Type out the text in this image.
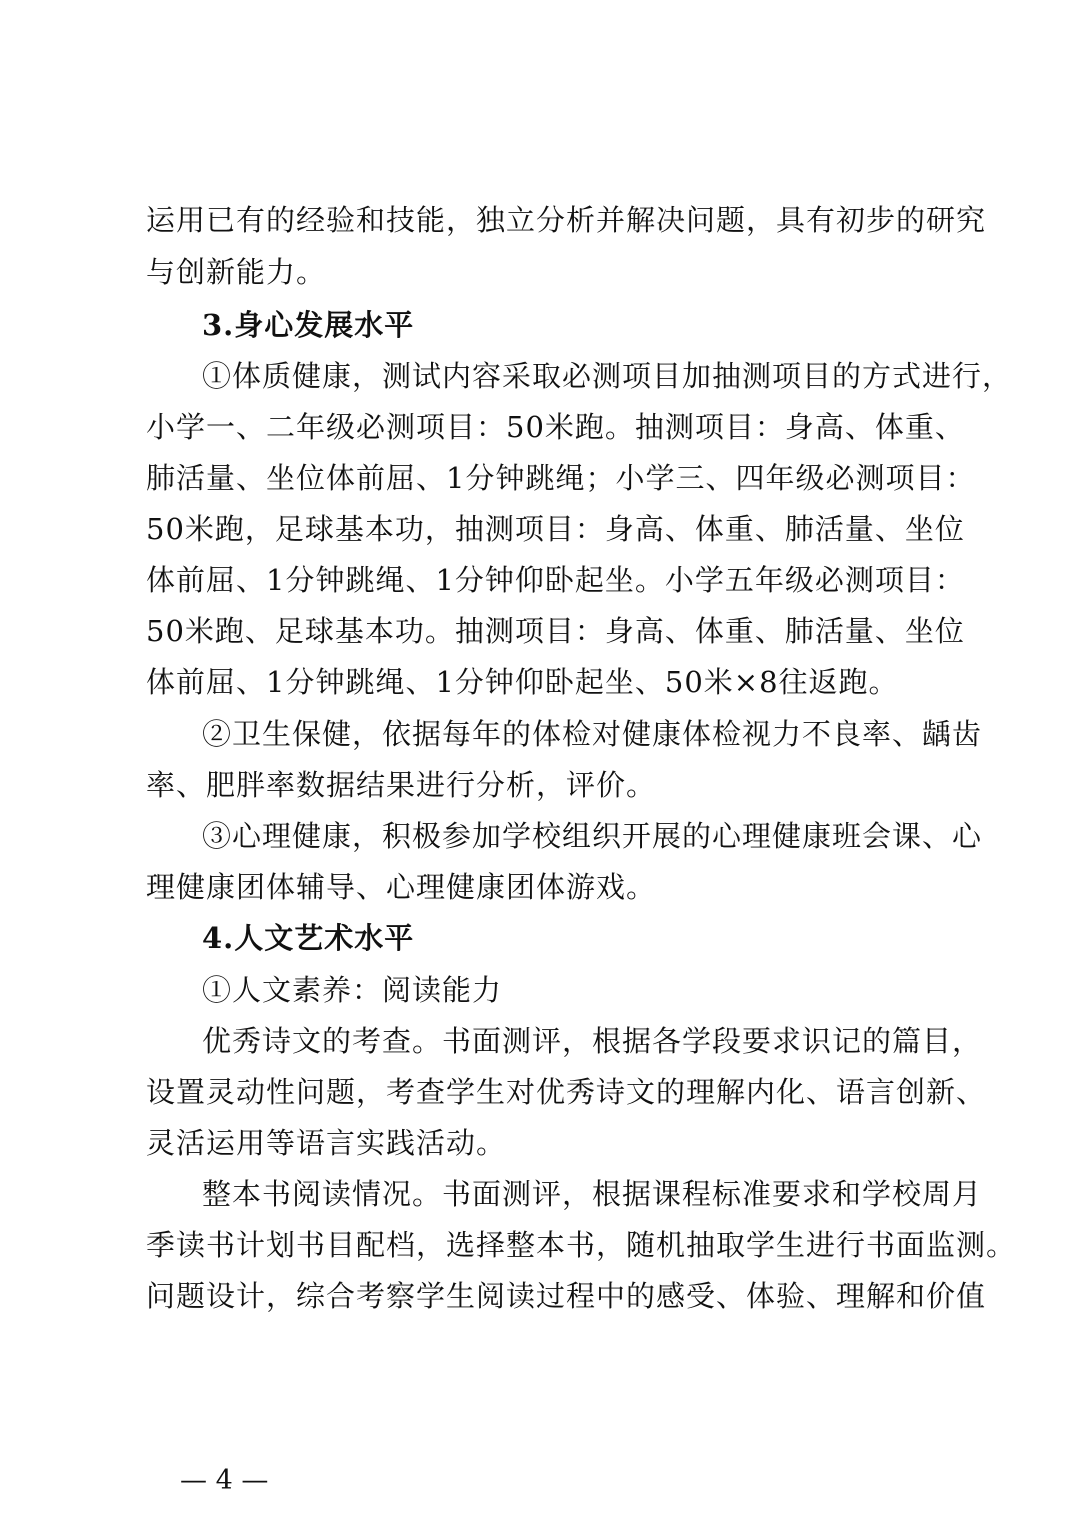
运用已有的经验和技能，独立分析并解决问题，具有初步的研究
与创新能力。
3.身心发展水平
①体质健康，测试内容采取必测项目加抽测项目的方式进行，
小学一、二年级必测项目：50米跑。抽测项目：身高、体重、
肺活量、坐位体前屈、1分钟跳绳；小学三、四年级必测项目：
50米跑，足球基本功，抽测项目：身高、体重、肺活量、坐位
体前屈、1分钟跳绳、1分钟仰卧起坐。小学五年级必测项目：
50米跑、足球基本功。抽测项目：身高、体重、肺活量、坐位
体前屈、1分钟跳绳、1分钟仰卧起坐、50米×8往返跑。
②卫生保健，依据每年的体检对健康体检视力不良率、龋齿
率、肥胖率数据结果进行分析，评价。
③心理健康，积极参加学校组织开展的心理健康班会课、心
理健康团体辅导、心理健康团体游戏。
4.人文艺术水平
①人文素养：阅读能力
优秀诗文的考查。书面测评，根据各学段要求识记的篇目，
设置灵动性问题，考查学生对优秀诗文的理解内化、语言创新、
灵活运用等语言实践活动。
整本书阅读情况。书面测评，根据课程标准要求和学校周月
季读书计划书目配档，选择整本书，随机抽取学生进行书面监测。
问题设计，综合考察学生阅读过程中的感受、体验、理解和价值
— 4 —
